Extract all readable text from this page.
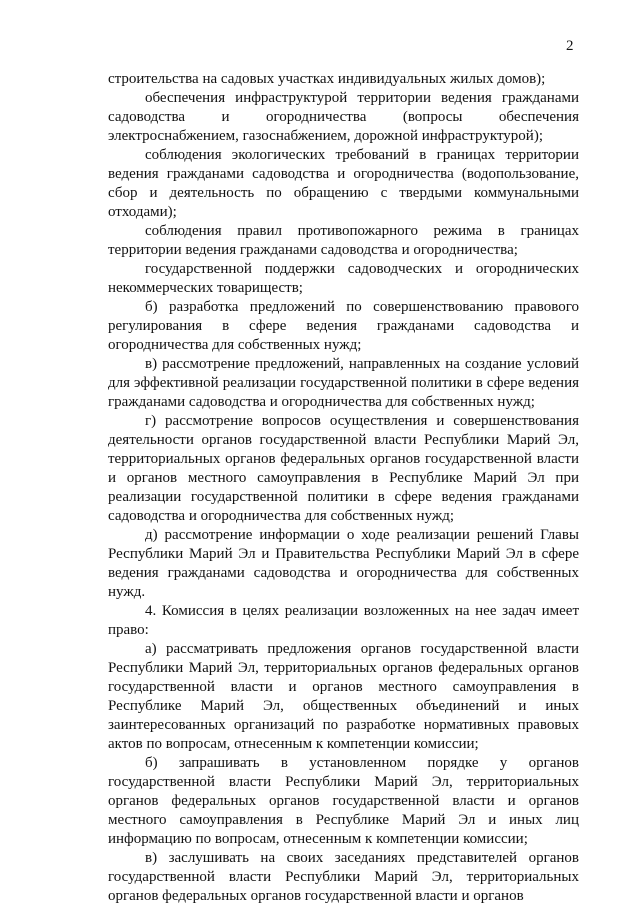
2

строительства на садовых участках индивидуальных жилых домов);

обеспечения инфраструктурой территории ведения гражданами садоводства и огородничества (вопросы обеспечения электроснабжением, газоснабжением, дорожной инфраструктурой);

соблюдения экологических требований в границах территории ведения гражданами садоводства и огородничества (водопользование, сбор и деятельность по обращению с твердыми коммунальными отходами);

соблюдения правил противопожарного режима в границах территории ведения гражданами садоводства и огородничества;

государственной поддержки садоводческих и огороднических некоммерческих товариществ;

б) разработка предложений по совершенствованию правового регулирования в сфере ведения гражданами садоводства и огородничества для собственных нужд;

в) рассмотрение предложений, направленных на создание условий для эффективной реализации государственной политики в сфере ведения гражданами садоводства и огородничества для собственных нужд;

г) рассмотрение вопросов осуществления и совершенствования деятельности органов государственной власти Республики Марий Эл, территориальных органов федеральных органов государственной власти и органов местного самоуправления в Республике Марий Эл при реализации государственной политики в сфере ведения гражданами садоводства и огородничества для собственных нужд;

д) рассмотрение информации о ходе реализации решений Главы Республики Марий Эл и Правительства Республики Марий Эл в сфере ведения гражданами садоводства и огородничества для собственных нужд.

4. Комиссия в целях реализации возложенных на нее задач имеет право:

а) рассматривать предложения органов государственной власти Республики Марий Эл, территориальных органов федеральных органов государственной власти и органов местного самоуправления в Республике Марий Эл, общественных объединений и иных заинтересованных организаций по разработке нормативных правовых актов по вопросам, отнесенным к компетенции комиссии;

б) запрашивать в установленном порядке у органов государственной власти Республики Марий Эл, территориальных органов федеральных органов государственной власти и органов местного самоуправления в Республике Марий Эл и иных лиц информацию по вопросам, отнесенным к компетенции комиссии;

в) заслушивать на своих заседаниях представителей органов государственной власти Республики Марий Эл, территориальных органов федеральных органов государственной власти и органов
